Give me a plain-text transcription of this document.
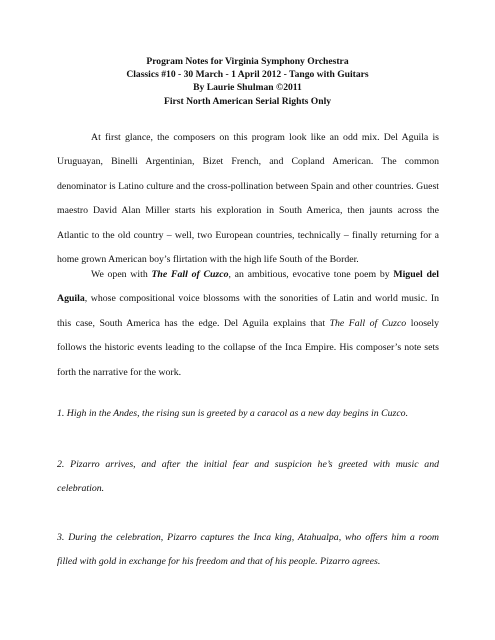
Program Notes for Virginia Symphony Orchestra
Classics #10 - 30 March - 1 April 2012 - Tango with Guitars
By Laurie Shulman ©2011
First North American Serial Rights Only

At first glance, the composers on this program look like an odd mix. Del Aguila is Uruguayan, Binelli Argentinian, Bizet French, and Copland American. The common denominator is Latino culture and the cross-pollination between Spain and other countries. Guest maestro David Alan Miller starts his exploration in South America, then jaunts across the Atlantic to the old country – well, two European countries, technically – finally returning for a home grown American boy’s flirtation with the high life South of the Border.

We open with The Fall of Cuzco, an ambitious, evocative tone poem by Miguel del Aguila, whose compositional voice blossoms with the sonorities of Latin and world music. In this case, South America has the edge. Del Aguila explains that The Fall of Cuzco loosely follows the historic events leading to the collapse of the Inca Empire. His composer’s note sets forth the narrative for the work.

1. High in the Andes, the rising sun is greeted by a caracol as a new day begins in Cuzco.

2. Pizarro arrives, and after the initial fear and suspicion he’s greeted with music and celebration.

3. During the celebration, Pizarro captures the Inca king, Atahualpa, who offers him a room filled with gold in exchange for his freedom and that of his people. Pizarro agrees.
